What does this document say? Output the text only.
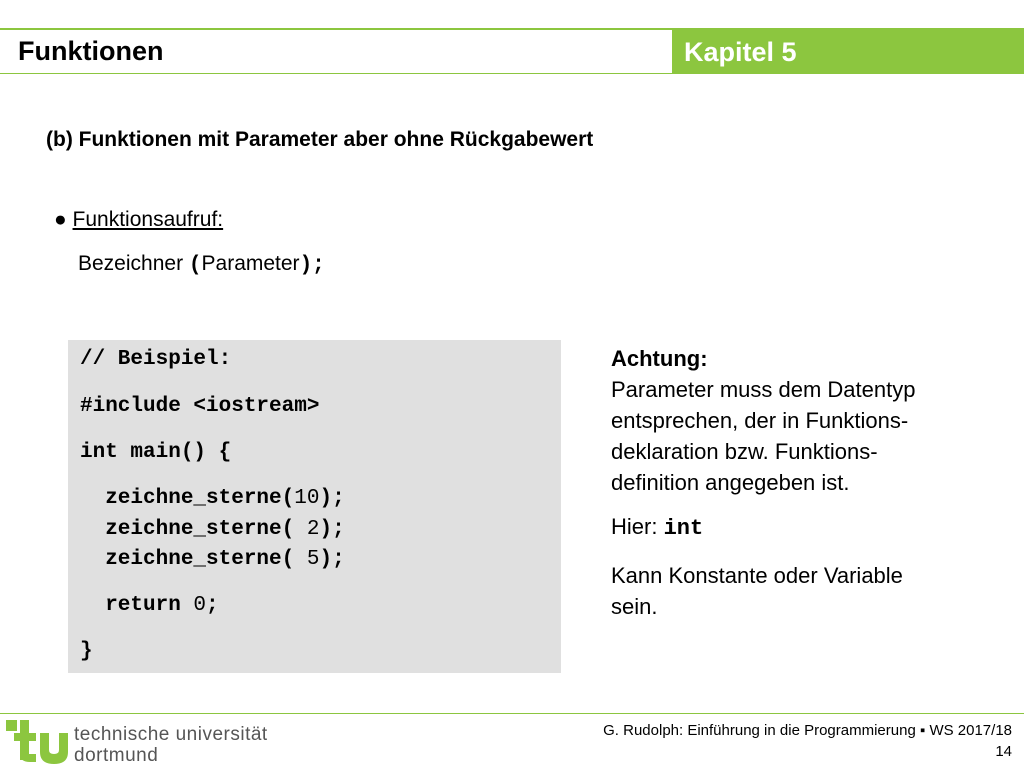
Funktionen	Kapitel 5
(b) Funktionen mit Parameter aber ohne Rückgabewert
● Funktionsaufruf:
Bezeichner (Parameter);
// Beispiel:
#include <iostream>
int main() {
zeichne_sterne(10);
zeichne_sterne( 2);
zeichne_sterne( 5);
return 0;
}
Achtung:
Parameter muss dem Datentyp
entsprechen, der in Funktions-
deklaration bzw. Funktions-
definition angegeben ist.
Hier: int
Kann Konstante oder Variable
sein.
technische universität
dortmund
G. Rudolph: Einführung in die Programmierung ▪ WS 2017/18
14
